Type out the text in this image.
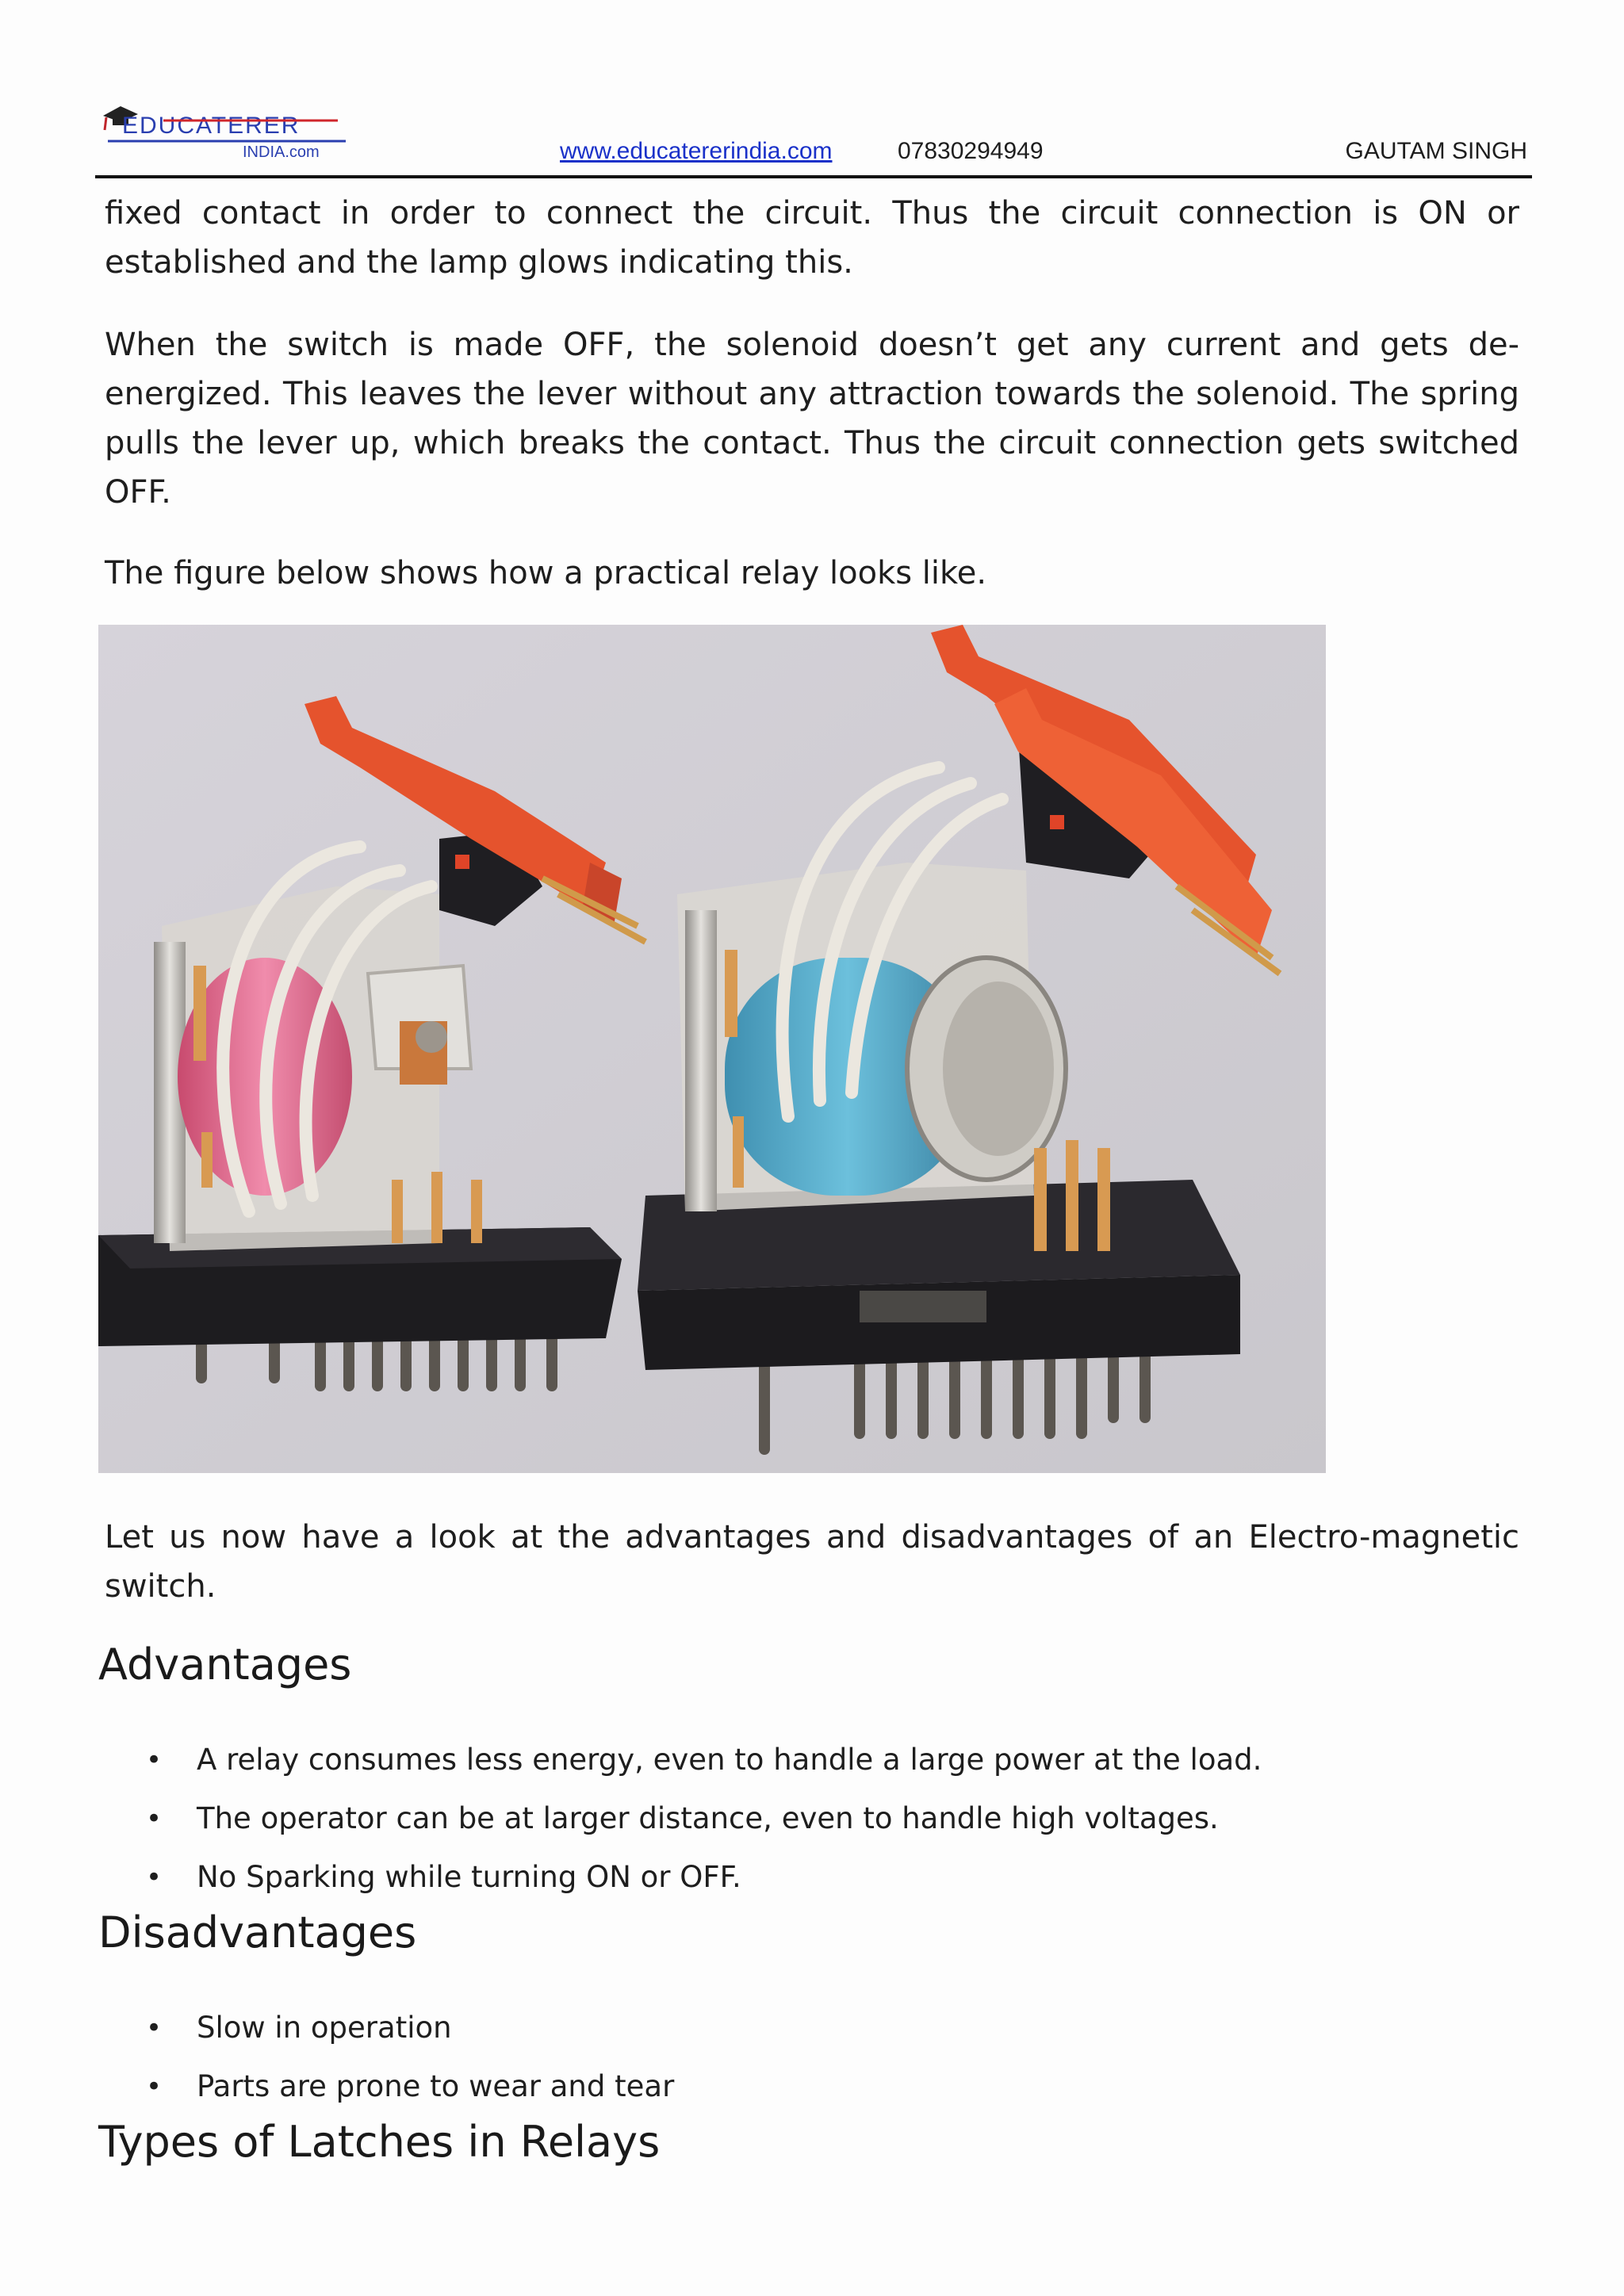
EDUCATERER
INDIA.com	www.educatererindia.com	07830294949	GAUTAM SINGH

fixed contact in order to connect the circuit. Thus the circuit connection is ON or established and the lamp glows indicating this.

When the switch is made OFF, the solenoid doesn’t get any current and gets de-energized. This leaves the lever without any attraction towards the solenoid. The spring pulls the lever up, which breaks the contact. Thus the circuit connection gets switched OFF.

The figure below shows how a practical relay looks like.

Let us now have a look at the advantages and disadvantages of an Electro-magnetic switch.

Advantages
• A relay consumes less energy, even to handle a large power at the load.
• The operator can be at larger distance, even to handle high voltages.
• No Sparking while turning ON or OFF.
Disadvantages
• Slow in operation
• Parts are prone to wear and tear
Types of Latches in Relays
